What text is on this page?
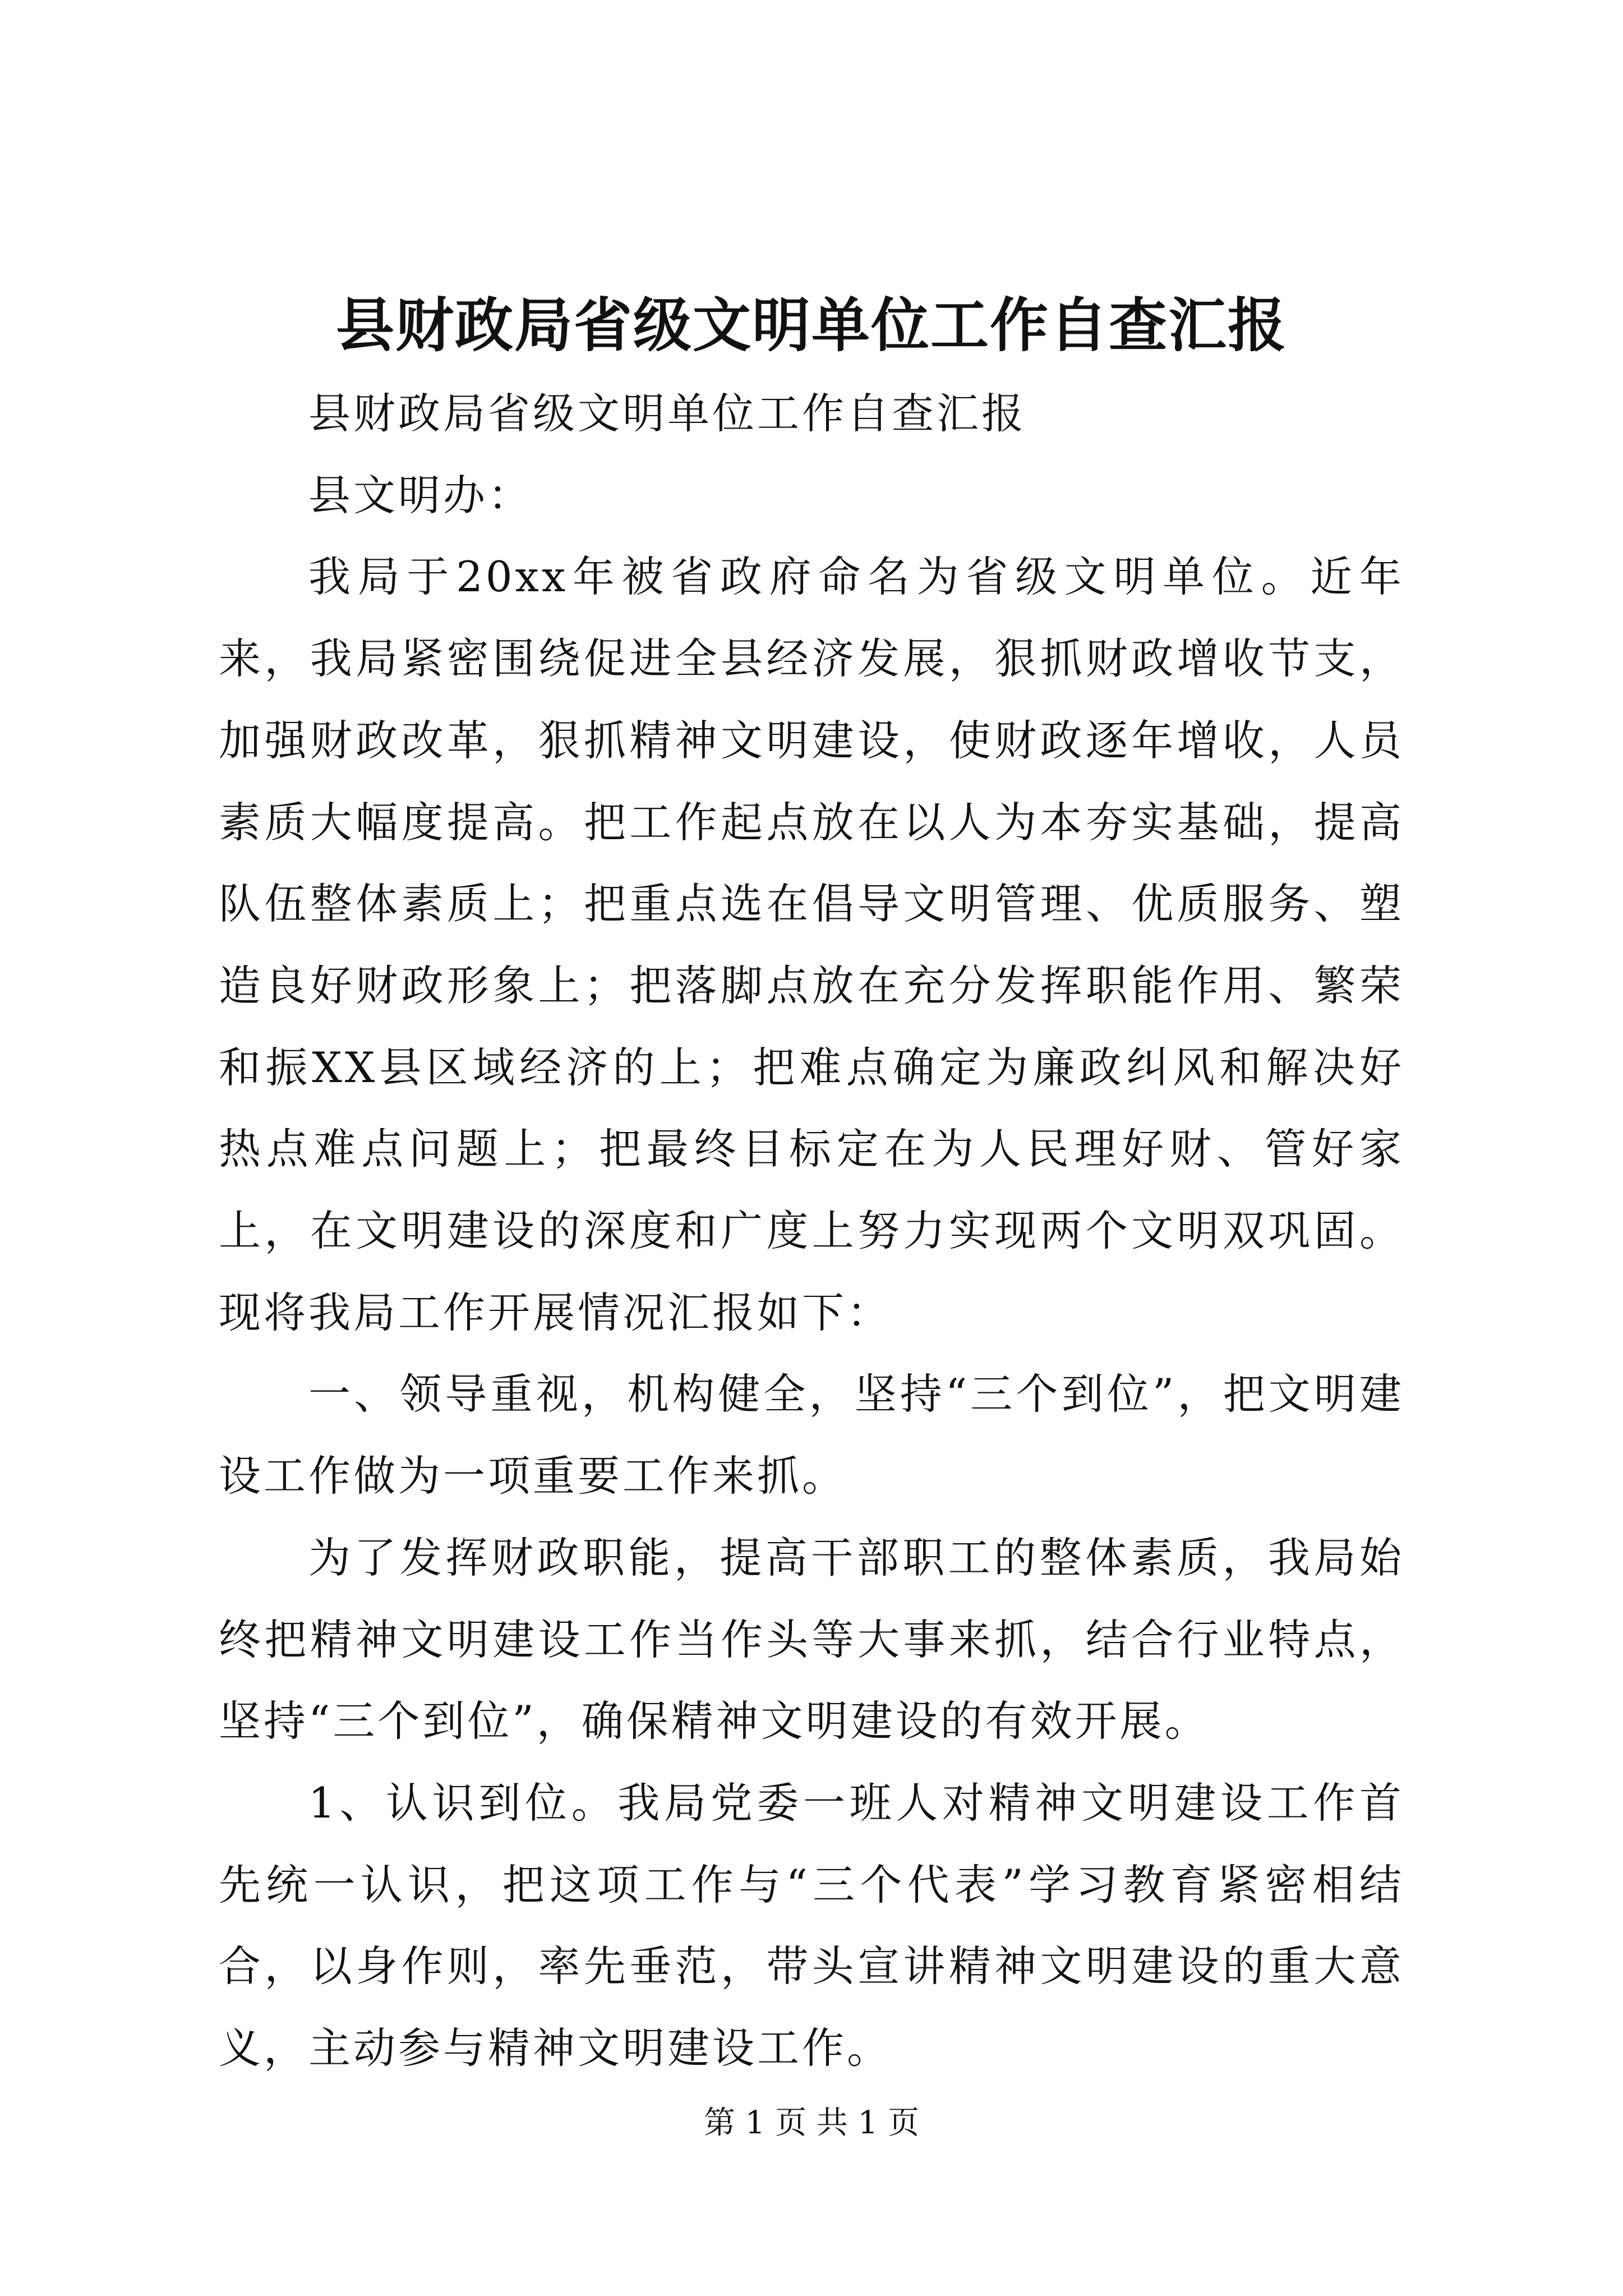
县财政局省级文明单位工作自查汇报

县财政局省级文明单位工作自查汇报

县文明办：

我局于20xx年被省政府命名为省级文明单位。近年来，我局紧密围绕促进全县经济发展，狠抓财政增收节支，加强财政改革，狠抓精神文明建设，使财政逐年增收，人员素质大幅度提高。把工作起点放在以人为本夯实基础，提高队伍整体素质上；把重点选在倡导文明管理、优质服务、塑造良好财政形象上；把落脚点放在充分发挥职能作用、繁荣和振XX县区域经济的上；把难点确定为廉政纠风和解决好热点难点问题上；把最终目标定在为人民理好财、管好家上，在文明建设的深度和广度上努力实现两个文明双巩固。现将我局工作开展情况汇报如下：

一、领导重视，机构健全，坚持“三个到位”，把文明建设工作做为一项重要工作来抓。

为了发挥财政职能，提高干部职工的整体素质，我局始终把精神文明建设工作当作头等大事来抓，结合行业特点，坚持“三个到位”，确保精神文明建设的有效开展。

1、认识到位。我局党委一班人对精神文明建设工作首先统一认识，把这项工作与“三个代表”学习教育紧密相结合，以身作则，率先垂范，带头宣讲精神文明建设的重大意义，主动参与精神文明建设工作。

第 1 页 共 1 页
